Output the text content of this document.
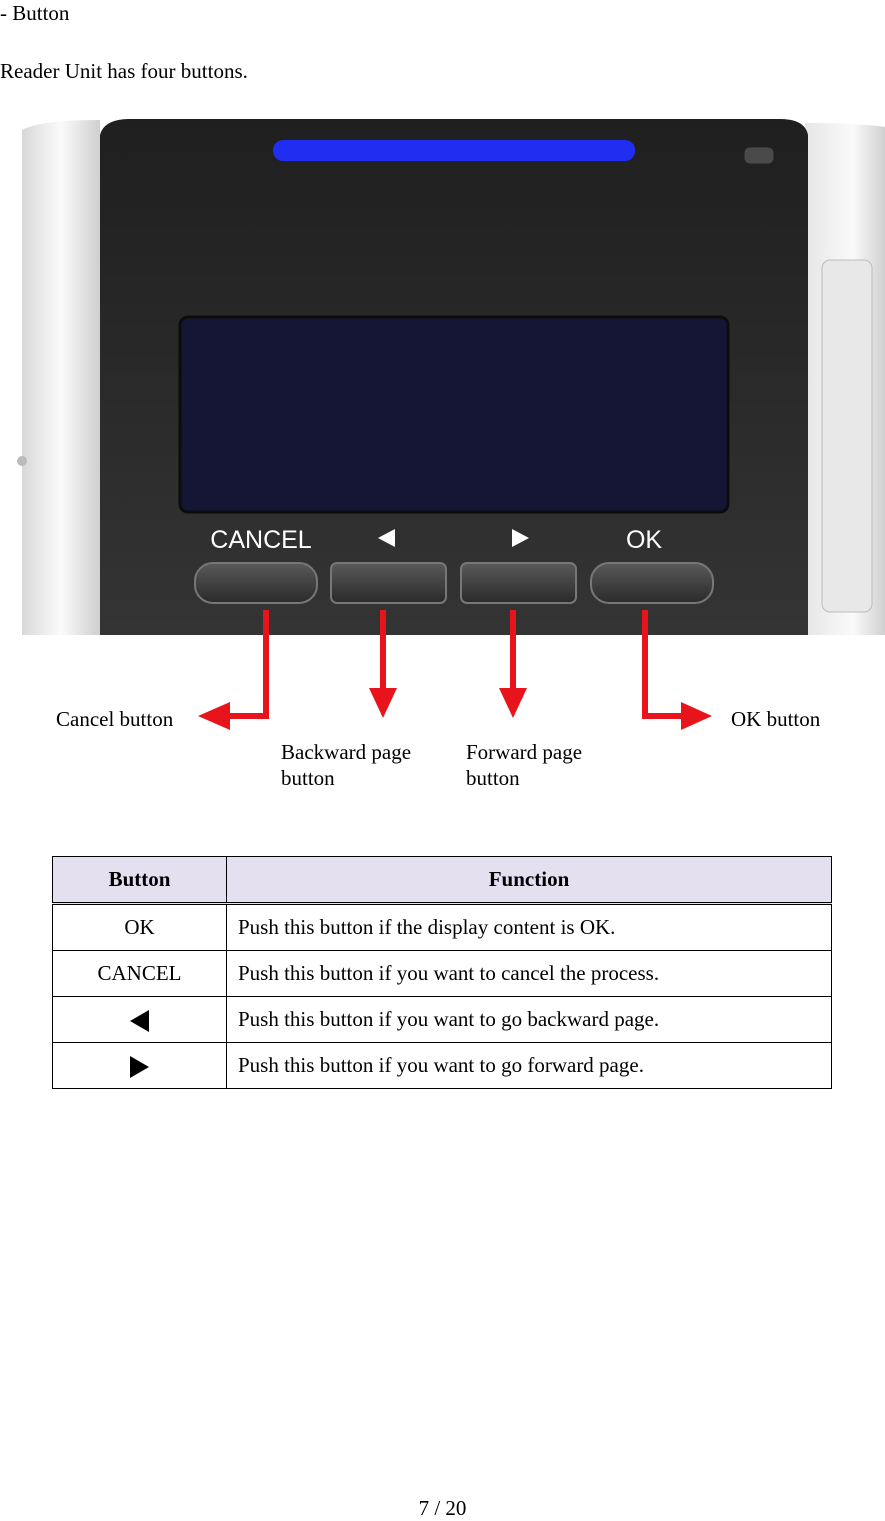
- Button
Reader Unit has four buttons.
CANCEL	OK
Cancel button	OK button
Backward page
button
Forward page
button
Button	Function
OK	Push this button if the display content is OK.
CANCEL	Push this button if you want to cancel the process.
	Push this button if you want to go backward page.
	Push this button if you want to go forward page.
7 / 20
